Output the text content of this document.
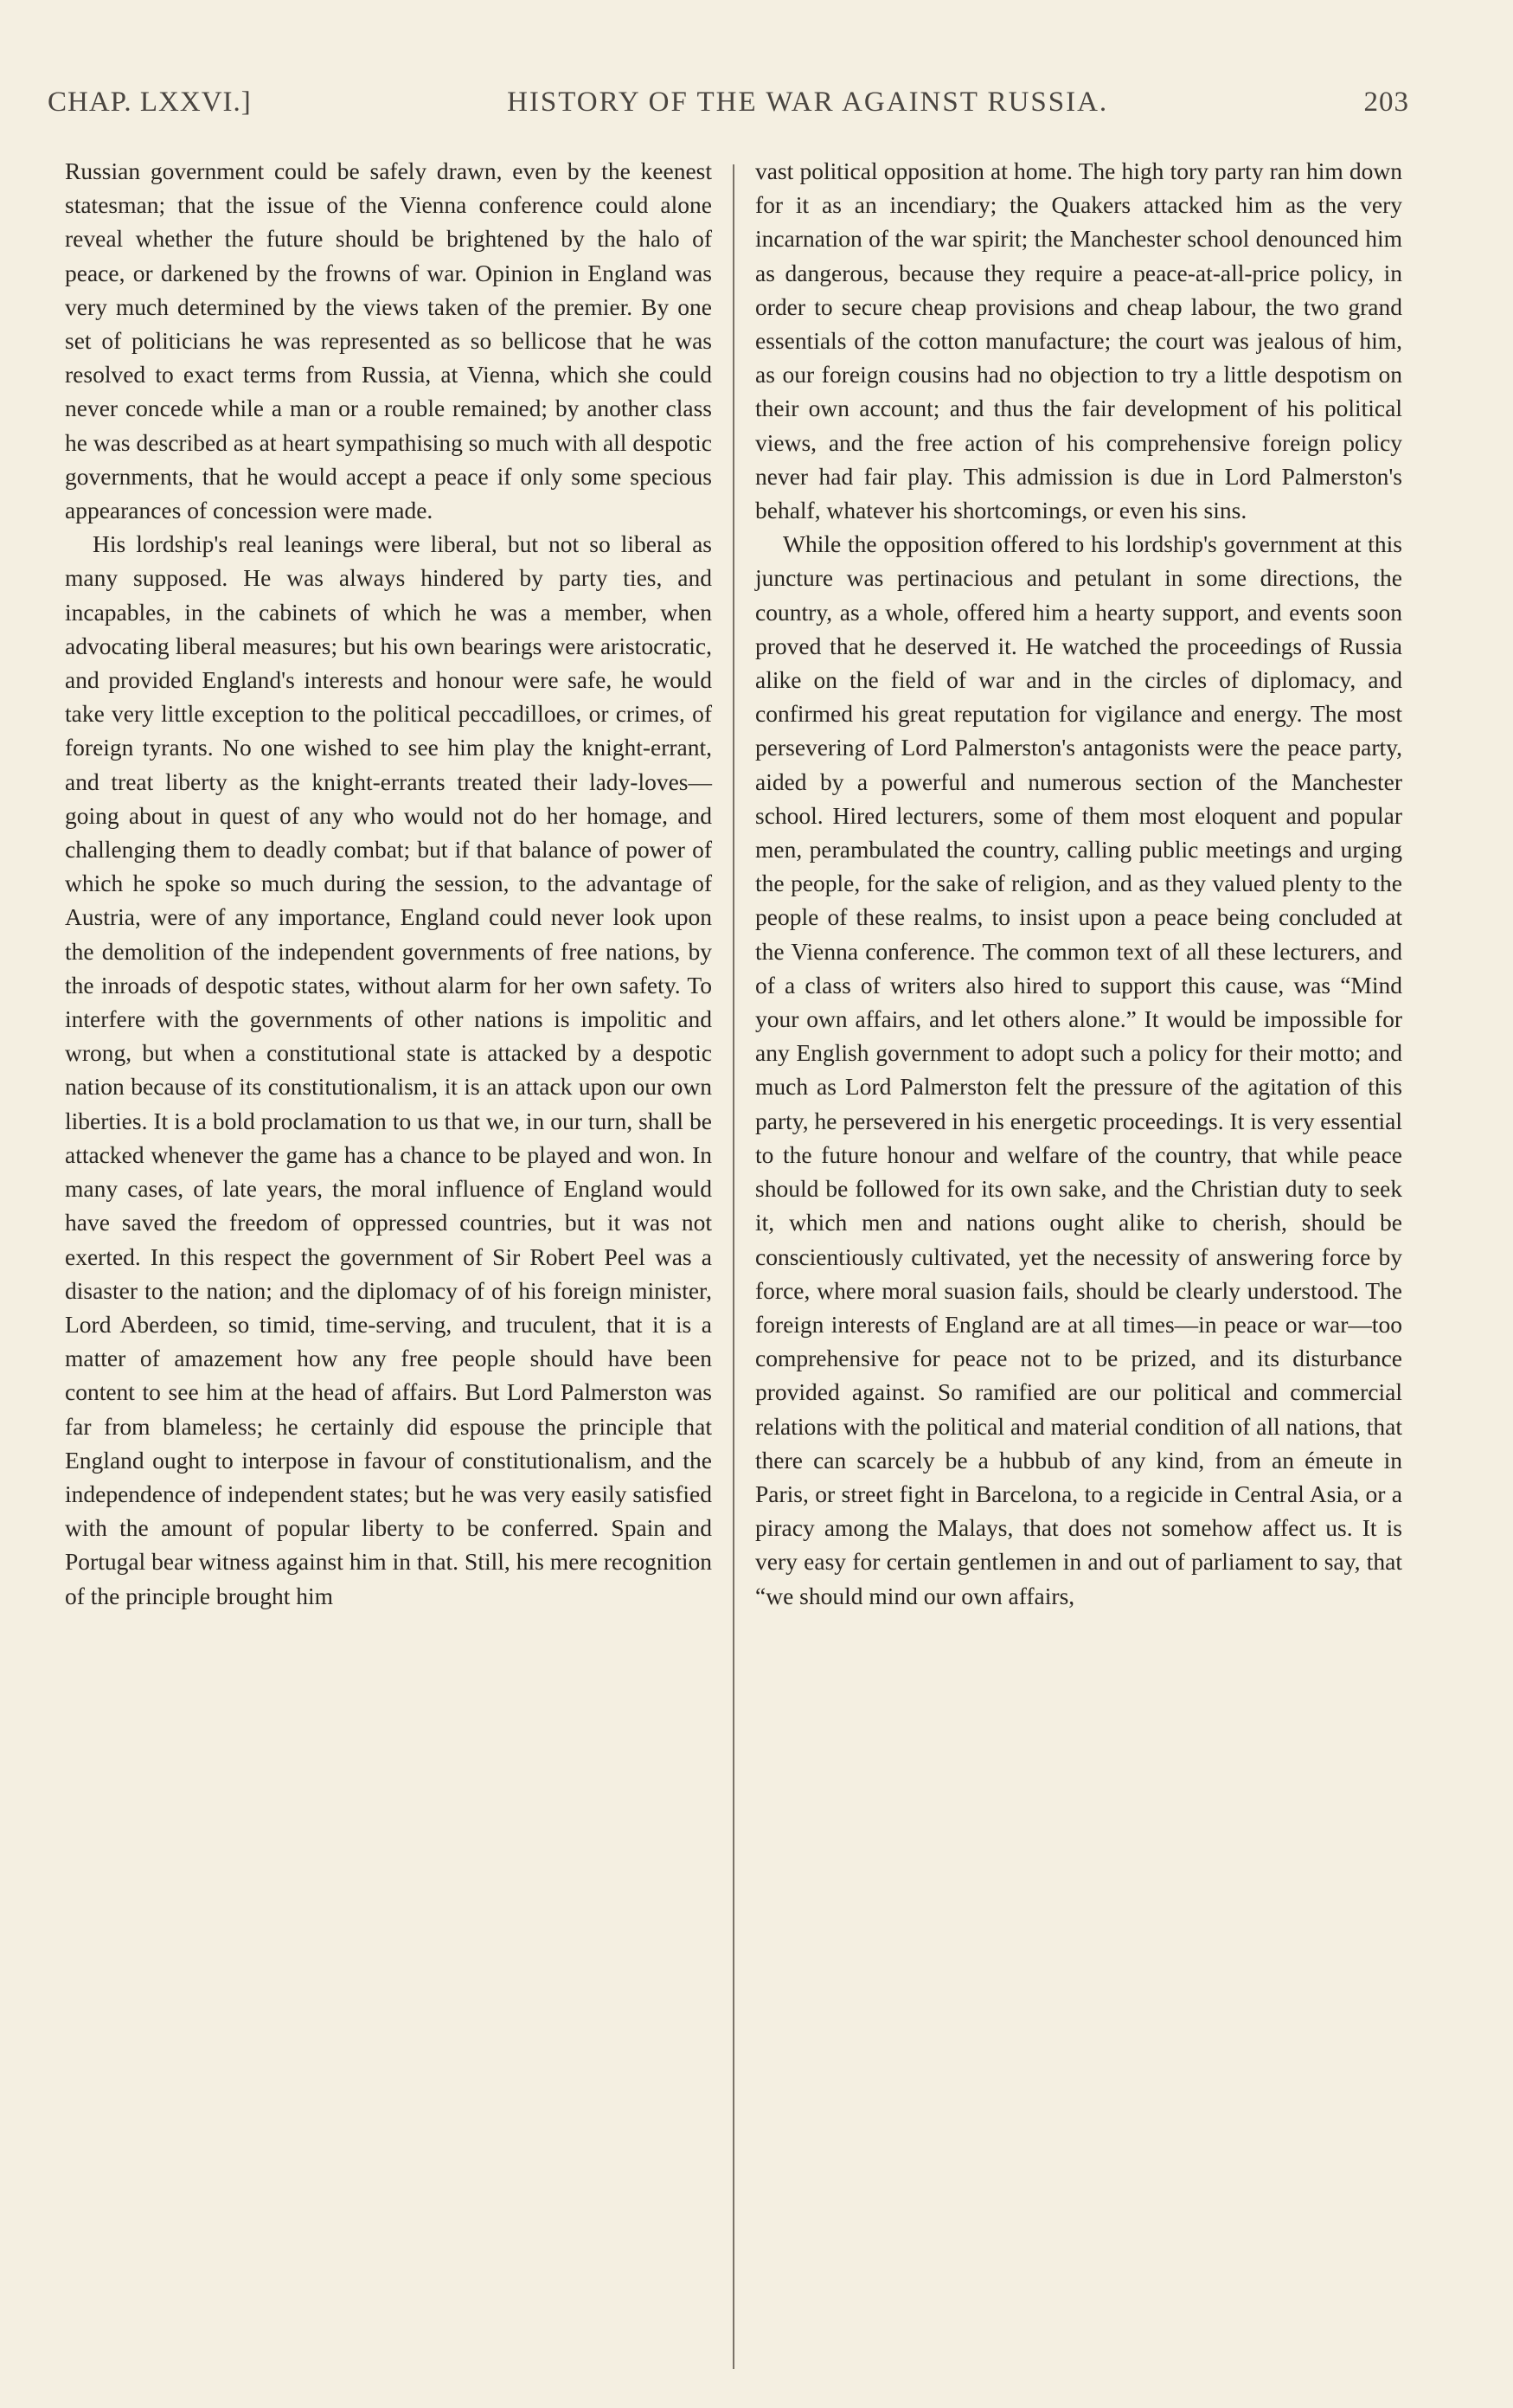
CHAP. LXXVI.]	HISTORY OF THE WAR AGAINST RUSSIA.	203

Russian government could be safely drawn, even by the keenest statesman; that the issue of the Vienna conference could alone reveal whether the future should be brightened by the halo of peace, or darkened by the frowns of war. Opinion in England was very much determined by the views taken of the premier. By one set of politicians he was represented as so bellicose that he was resolved to exact terms from Russia, at Vienna, which she could never concede while a man or a rouble remained; by another class he was described as at heart sympathising so much with all despotic governments, that he would accept a peace if only some specious appearances of concession were made.

His lordship's real leanings were liberal, but not so liberal as many supposed. He was always hindered by party ties, and incapables, in the cabinets of which he was a member, when advocating liberal measures; but his own bearings were aristocratic, and provided England's interests and honour were safe, he would take very little exception to the political peccadilloes, or crimes, of foreign tyrants. No one wished to see him play the knight-errant, and treat liberty as the knight-errants treated their lady-loves—going about in quest of any who would not do her homage, and challenging them to deadly combat; but if that balance of power of which he spoke so much during the session, to the advantage of Austria, were of any importance, England could never look upon the demolition of the independent governments of free nations, by the inroads of despotic states, without alarm for her own safety. To interfere with the governments of other nations is impolitic and wrong, but when a constitutional state is attacked by a despotic nation because of its constitutionalism, it is an attack upon our own liberties. It is a bold proclamation to us that we, in our turn, shall be attacked whenever the game has a chance to be played and won. In many cases, of late years, the moral influence of England would have saved the freedom of oppressed countries, but it was not exerted. In this respect the government of Sir Robert Peel was a disaster to the nation; and the diplomacy of of his foreign minister, Lord Aberdeen, so timid, time-serving, and truculent, that it is a matter of amazement how any free people should have been content to see him at the head of affairs. But Lord Palmerston was far from blameless; he certainly did espouse the principle that England ought to interpose in favour of constitutionalism, and the independence of independent states; but he was very easily satisfied with the amount of popular liberty to be conferred. Spain and Portugal bear witness against him in that. Still, his mere recognition of the principle brought him

vast political opposition at home. The high tory party ran him down for it as an incendiary; the Quakers attacked him as the very incarnation of the war spirit; the Manchester school denounced him as dangerous, because they require a peace-at-all-price policy, in order to secure cheap provisions and cheap labour, the two grand essentials of the cotton manufacture; the court was jealous of him, as our foreign cousins had no objection to try a little despotism on their own account; and thus the fair development of his political views, and the free action of his comprehensive foreign policy never had fair play. This admission is due in Lord Palmerston's behalf, whatever his shortcomings, or even his sins.

While the opposition offered to his lordship's government at this juncture was pertinacious and petulant in some directions, the country, as a whole, offered him a hearty support, and events soon proved that he deserved it. He watched the proceedings of Russia alike on the field of war and in the circles of diplomacy, and confirmed his great reputation for vigilance and energy. The most persevering of Lord Palmerston's antagonists were the peace party, aided by a powerful and numerous section of the Manchester school. Hired lecturers, some of them most eloquent and popular men, perambulated the country, calling public meetings and urging the people, for the sake of religion, and as they valued plenty to the people of these realms, to insist upon a peace being concluded at the Vienna conference. The common text of all these lecturers, and of a class of writers also hired to support this cause, was “Mind your own affairs, and let others alone.” It would be impossible for any English government to adopt such a policy for their motto; and much as Lord Palmerston felt the pressure of the agitation of this party, he persevered in his energetic proceedings. It is very essential to the future honour and welfare of the country, that while peace should be followed for its own sake, and the Christian duty to seek it, which men and nations ought alike to cherish, should be conscientiously cultivated, yet the necessity of answering force by force, where moral suasion fails, should be clearly understood. The foreign interests of England are at all times—in peace or war—too comprehensive for peace not to be prized, and its disturbance provided against. So ramified are our political and commercial relations with the political and material condition of all nations, that there can scarcely be a hubbub of any kind, from an émeute in Paris, or street fight in Barcelona, to a regicide in Central Asia, or a piracy among the Malays, that does not somehow affect us. It is very easy for certain gentlemen in and out of parliament to say, that “we should mind our own affairs,
